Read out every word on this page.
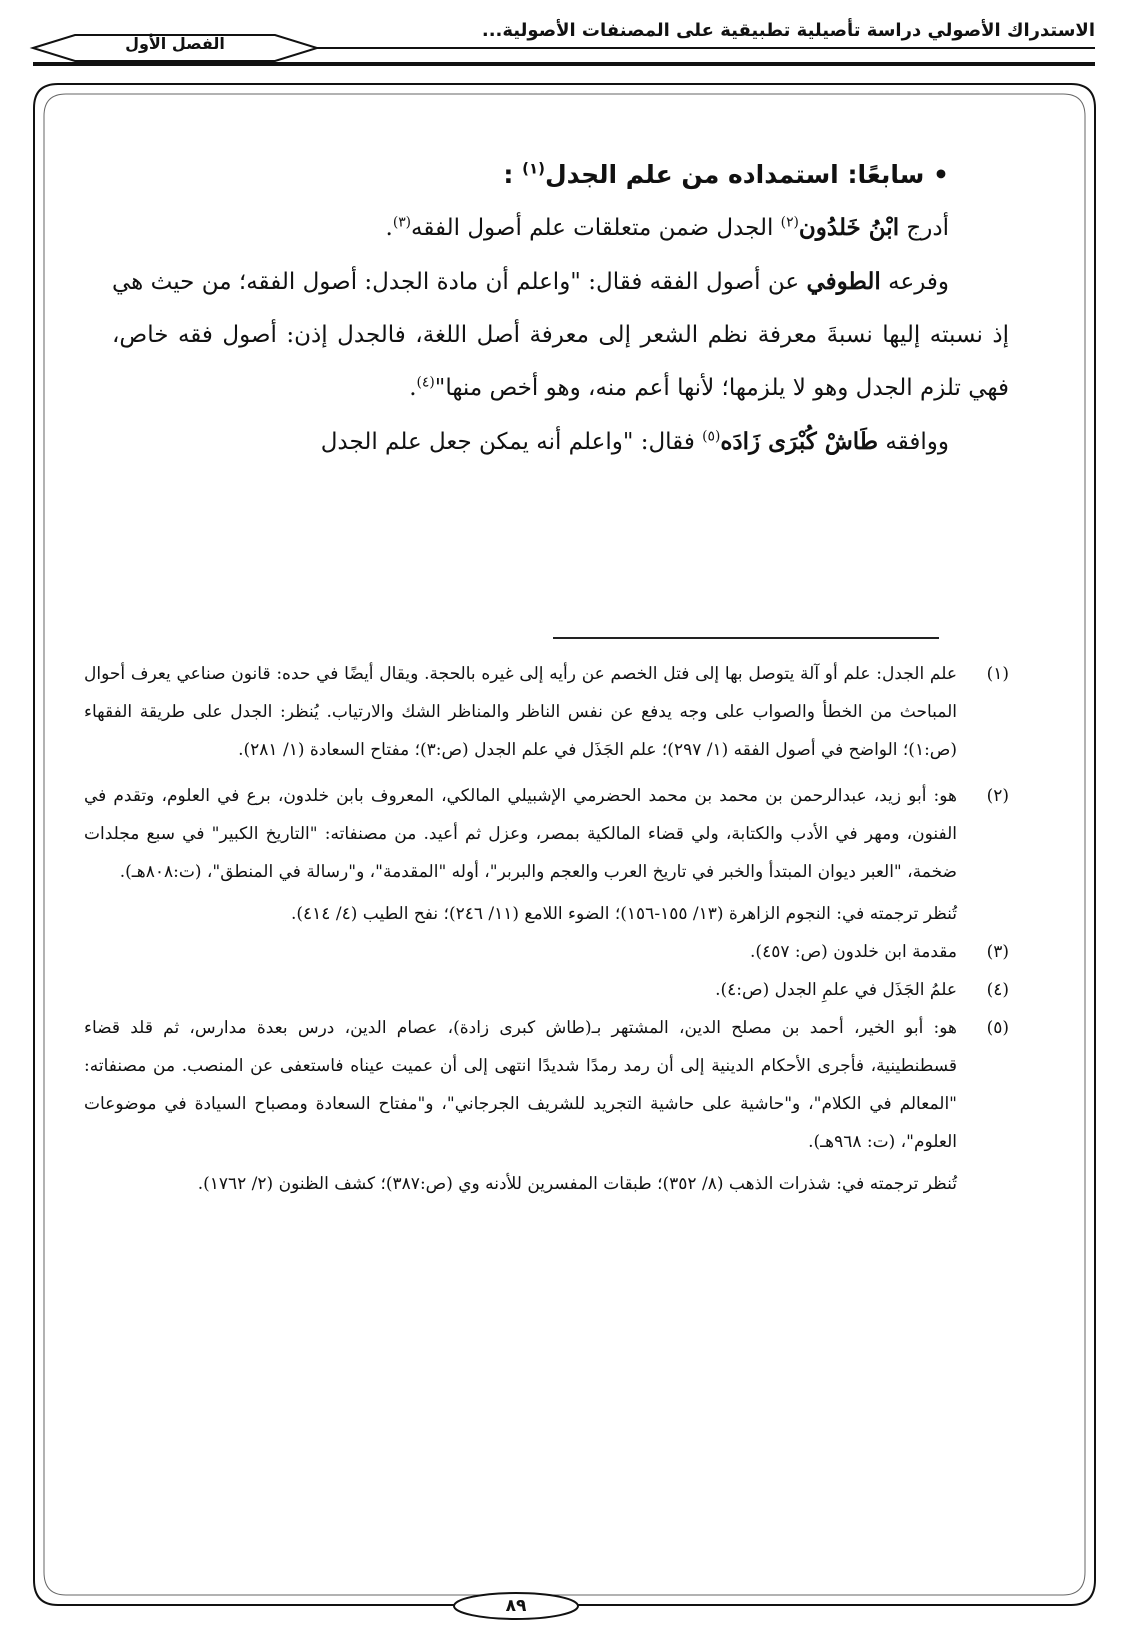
الاستدراك الأصولي دراسة تأصيلية تطبيقية على المصنفات الأصولية...
الفصل الأول

• سابعًا: استمداده من علم الجدل$^{(١)}$ :

أدرج ابْنُ خَلدُون$^{(٢)}$ الجدل ضمن متعلقات علم أصول الفقه$^{(٣)}$.

وفرعه الطوفي عن أصول الفقه فقال: "واعلم أن مادة الجدل: أصول الفقه؛ من حيث هي إذ نسبته إليها نسبةَ معرفة نظم الشعر إلى معرفة أصل اللغة، فالجدل إذن: أصول فقه خاص، فهي تلزم الجدل وهو لا يلزمها؛ لأنها أعم منه، وهو أخص منها"$^{(٤)}$.

ووافقه طَاشْ كُبْرَى زَادَه$^{(٥)}$ فقال: "واعلم أنه يمكن جعل علم الجدل

(١)
علم الجدل: علم أو آلة يتوصل بها إلى فتل الخصم عن رأيه إلى غيره بالحجة. ويقال أيضًا في حده: قانون صناعي يعرف أحوال المباحث من الخطأ والصواب على وجه يدفع عن نفس الناظر والمناظر الشك والارتياب. يُنظر: الجدل على طريقة الفقهاء (ص:١)؛ الواضح في أصول الفقه (١/ ٢٩٧)؛ علم الجَذَل في علم الجدل (ص:٣)؛ مفتاح السعادة (١/ ٢٨١).
(٢)
هو: أبو زيد، عبدالرحمن بن محمد بن محمد الحضرمي الإشبيلي المالكي، المعروف بابن خلدون، برع في العلوم، وتقدم في الفنون، ومهر في الأدب والكتابة، ولي قضاء المالكية بمصر، وعزل ثم أعيد. من مصنفاته: "التاريخ الكبير" في سبع مجلدات ضخمة، "العبر ديوان المبتدأ والخبر في تاريخ العرب والعجم والبربر"، أوله "المقدمة"، و"رسالة في المنطق"، (ت:٨٠٨هـ).
تُنظر ترجمته في: النجوم الزاهرة (١٣/ ١٥٥-١٥٦)؛ الضوء اللامع (١١/ ٢٤٦)؛ نفح الطيب (٤/ ٤١٤).
(٣)
مقدمة ابن خلدون (ص: ٤٥٧).
(٤)
علمُ الجَذَل في علمِ الجدل (ص:٤).
(٥)
هو: أبو الخير، أحمد بن مصلح الدين، المشتهر بـ(طاش كبرى زادة)، عصام الدين، درس بعدة مدارس، ثم قلد قضاء قسطنطينية، فأجرى الأحكام الدينية إلى أن رمد رمدًا شديدًا انتهى إلى أن عميت عيناه فاستعفى عن المنصب. من مصنفاته: "المعالم في الكلام"، و"حاشية على حاشية التجريد للشريف الجرجاني"، و"مفتاح السعادة ومصباح السيادة في موضوعات العلوم"، (ت: ٩٦٨هـ).
تُنظر ترجمته في: شذرات الذهب (٨/ ٣٥٢)؛ طبقات المفسرين للأدنه وي (ص:٣٨٧)؛ كشف الظنون (٢/ ١٧٦٢).
٨٩
